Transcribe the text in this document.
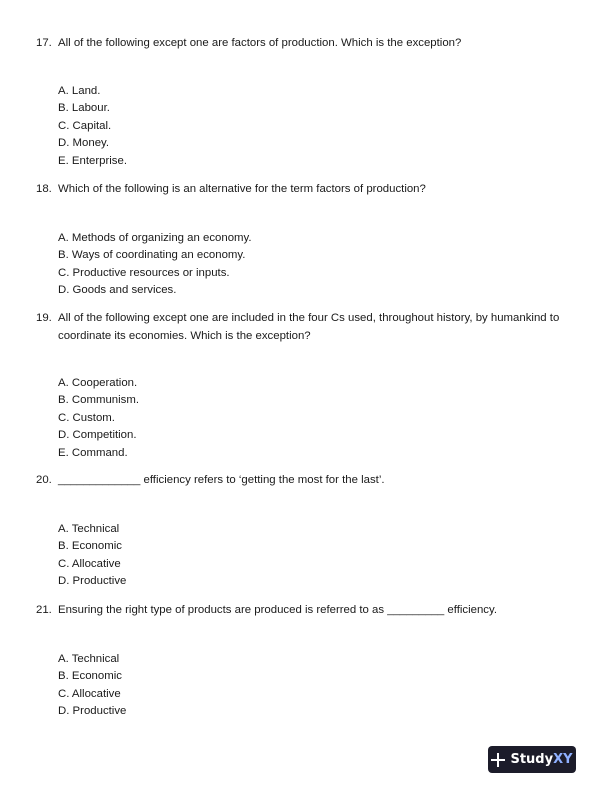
17. All of the following except one are factors of production. Which is the exception?
A. Land.
B. Labour.
C. Capital.
D. Money.
E. Enterprise.
18. Which of the following is an alternative for the term factors of production?
A. Methods of organizing an economy.
B. Ways of coordinating an economy.
C. Productive resources or inputs.
D. Goods and services.
19. All of the following except one are included in the four Cs used, throughout history, by humankind to coordinate its economies. Which is the exception?
A. Cooperation.
B. Communism.
C. Custom.
D. Competition.
E. Command.
20. _____________ efficiency refers to ‘getting the most for the last’.
A. Technical
B. Economic
C. Allocative
D. Productive
21. Ensuring the right type of products are produced is referred to as _________ efficiency.
A. Technical
B. Economic
C. Allocative
D. Productive
Study XY
